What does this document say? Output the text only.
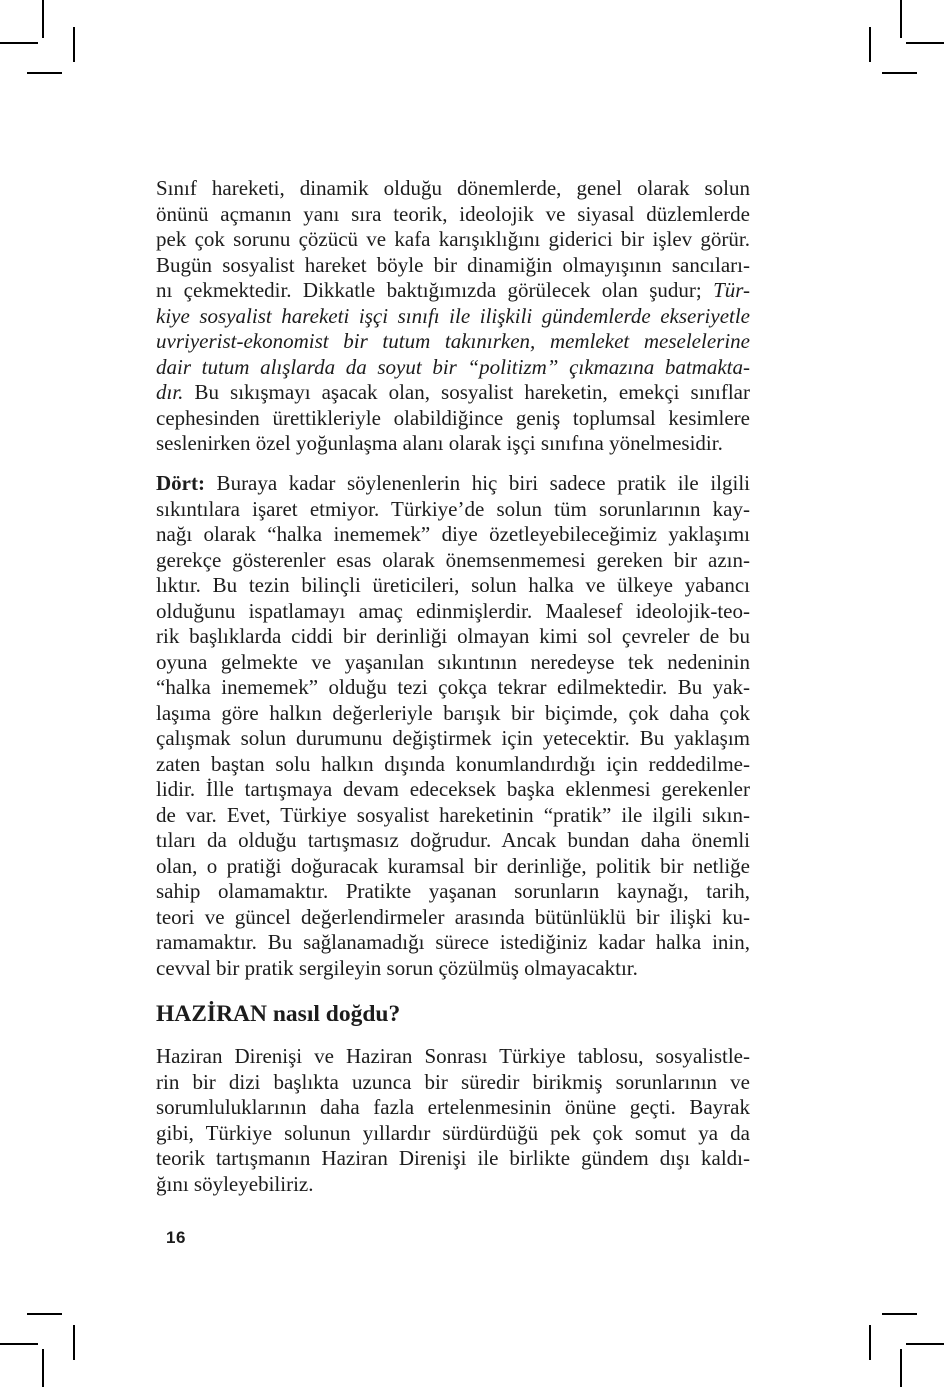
Sınıf hareketi, dinamik olduğu dönemlerde, genel olarak solun
önünü açmanın yanı sıra teorik, ideolojik ve siyasal düzlemlerde
pek çok sorunu çözücü ve kafa karışıklığını giderici bir işlev görür.
Bugün sosyalist hareket böyle bir dinamiğin olmayışının sancıları-
nı çekmektedir. Dikkatle baktığımızda görülecek olan şudur; Tür-
kiye sosyalist hareketi işçi sınıfı ile ilişkili gündemlerde ekseriyetle
uvriyerist-ekonomist bir tutum takınırken, memleket meselelerine
dair tutum alışlarda da soyut bir “politizm” çıkmazına batmakta-
dır. Bu sıkışmayı aşacak olan, sosyalist hareketin, emekçi sınıflar
cephesinden ürettikleriyle olabildiğince geniş toplumsal kesimlere
seslenirken özel yoğunlaşma alanı olarak işçi sınıfına yönelmesidir.
Dört: Buraya kadar söylenenlerin hiç biri sadece pratik ile ilgili
sıkıntılara işaret etmiyor. Türkiye’de solun tüm sorunlarının kay-
nağı olarak “halka inememek” diye özetleyebileceğimiz yaklaşımı
gerekçe gösterenler esas olarak önemsenmemesi gereken bir azın-
lıktır. Bu tezin bilinçli üreticileri, solun halka ve ülkeye yabancı
olduğunu ispatlamayı amaç edinmişlerdir. Maalesef ideolojik-teo-
rik başlıklarda ciddi bir derinliği olmayan kimi sol çevreler de bu
oyuna gelmekte ve yaşanılan sıkıntının neredeyse tek nedeninin
“halka inememek” olduğu tezi çokça tekrar edilmektedir. Bu yak-
laşıma göre halkın değerleriyle barışık bir biçimde, çok daha çok
çalışmak solun durumunu değiştirmek için yetecektir. Bu yaklaşım
zaten baştan solu halkın dışında konumlandırdığı için reddedilme-
lidir. İlle tartışmaya devam edeceksek başka eklenmesi gerekenler
de var. Evet, Türkiye sosyalist hareketinin “pratik” ile ilgili sıkın-
tıları da olduğu tartışmasız doğrudur. Ancak bundan daha önemli
olan, o pratiği doğuracak kuramsal bir derinliğe, politik bir netliğe
sahip olamamaktır. Pratikte yaşanan sorunların kaynağı, tarih,
teori ve güncel değerlendirmeler arasında bütünlüklü bir ilişki ku-
ramamaktır. Bu sağlanamadığı sürece istediğiniz kadar halka inin,
cevval bir pratik sergileyin sorun çözülmüş olmayacaktır.
HAZİRAN nasıl doğdu?
Haziran Direnişi ve Haziran Sonrası Türkiye tablosu, sosyalistle-
rin bir dizi başlıkta uzunca bir süredir birikmiş sorunlarının ve
sorumluluklarının daha fazla ertelenmesinin önüne geçti. Bayrak
gibi, Türkiye solunun yıllardır sürdürdüğü pek çok somut ya da
teorik tartışmanın Haziran Direnişi ile birlikte gündem dışı kaldı-
ğını söyleyebiliriz.
16
